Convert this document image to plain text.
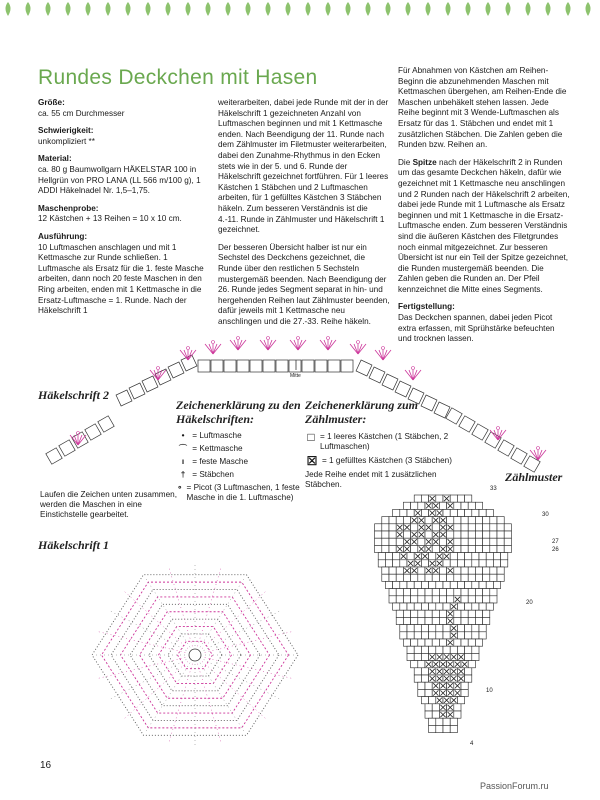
Rundes Deckchen mit Hasen

Größe:
ca. 55 cm Durchmesser

Schwierigkeit:
unkompliziert **

Material:
ca. 80 g Baumwollgarn HÄKELSTAR 100 in Hellgrün von PRO LANA (LL 566 m/100 g), 1 ADDI Häkelnadel Nr. 1,5–1,75.

Maschenprobe:
12 Kästchen + 13 Reihen = 10 x 10 cm.

Ausführung:
10 Luftmaschen anschlagen und mit 1 Kettmasche zur Runde schließen. 1 Luftmasche als Ersatz für die 1. feste Masche arbeiten, dann noch 20 feste Maschen in den Ring arbeiten, enden mit 1 Kettmasche in die Ersatz-Luftmasche = 1. Runde. Nach der Häkelschrift 1

weiterarbeiten, dabei jede Runde mit der in der Häkelschrift 1 gezeichneten Anzahl von Luftmaschen beginnen und mit 1 Kettmasche enden. Nach Beendigung der 11. Runde nach dem Zählmuster im Filetmuster weiterarbeiten, dabei den Zunahme-Rhythmus in den Ecken stets wie in der 5. und 6. Runde der Häkelschrift gezeichnet fortführen. Für 1 leeres Kästchen 1 Stäbchen und 2 Luftmaschen arbeiten, für 1 gefülltes Kästchen 3 Stäbchen häkeln. Zum besseren Verständnis ist die 4.-11. Runde in Zählmuster und Häkelschrift 1 gezeichnet.

Der besseren Übersicht halber ist nur ein Sechstel des Deckchens gezeichnet, die Runde über den restlichen 5 Sechsteln mustergemäß beenden. Nach Beendigung der 26. Runde jedes Segment separat in hin- und hergehenden Reihen laut Zählmuster beenden, dafür jeweils mit 1 Kettmasche neu anschlingen und die 27.-33. Reihe häkeln.

Für Abnahmen von Kästchen am Reihen-Beginn die abzunehmenden Maschen mit Kettmaschen übergehen, am Reihen-Ende die Maschen unbehäkelt stehen lassen. Jede Reihe beginnt mit 3 Wende-Luftmaschen als Ersatz für das 1. Stäbchen und endet mit 1 zusätzlichen Stäbchen. Die Zahlen geben die Runden bzw. Reihen an.

Die Spitze nach der Häkelschrift 2 in Runden um das gesamte Deckchen häkeln, dafür wie gezeichnet mit 1 Kettmasche neu anschlingen und 2 Runden nach der Häkelschrift 2 arbeiten, dabei jede Runde mit 1 Luftmasche als Ersatz beginnen und mit 1 Kettmasche in die Ersatz-Luftmasche enden. Zum besseren Verständnis sind die äußeren Kästchen des Filetgrundes noch einmal mitgezeichnet. Zur besseren Übersicht ist nur ein Teil der Spitze gezeichnet, die Runden mustergemäß beenden. Die Zahlen geben die Runden an. Der Pfeil kennzeichnet die Mitte eines Segments.

Fertigstellung:
Das Deckchen spannen, dabei jeden Picot extra erfassen, mit Sprühstärke befeuchten und trocknen lassen.

Mitte
Häkelschrift 2
Zeichenerklärung zu den Häkelschriften:
• = Luftmasche
⌒ = Kettmasche
ı = feste Masche
† = Stäbchen
∘ = Picot (3 Luftmaschen, 1 feste Masche in die 1. Luftmasche)
Zeichenerklärung zum Zählmuster:
□ = 1 leeres Kästchen (1 Stäbchen, 2 Luftmaschen)
☒ = 1 gefülltes Kästchen (3 Stäbchen)
Jede Reihe endet mit 1 zusätzlichen Stäbchen.
Zählmuster
Laufen die Zeichen unten zusammen, werden die Maschen in eine Einstichstelle gearbeitet.
Häkelschrift 1
33
30
27
26
20
10
4
16
PassionForum.ru
